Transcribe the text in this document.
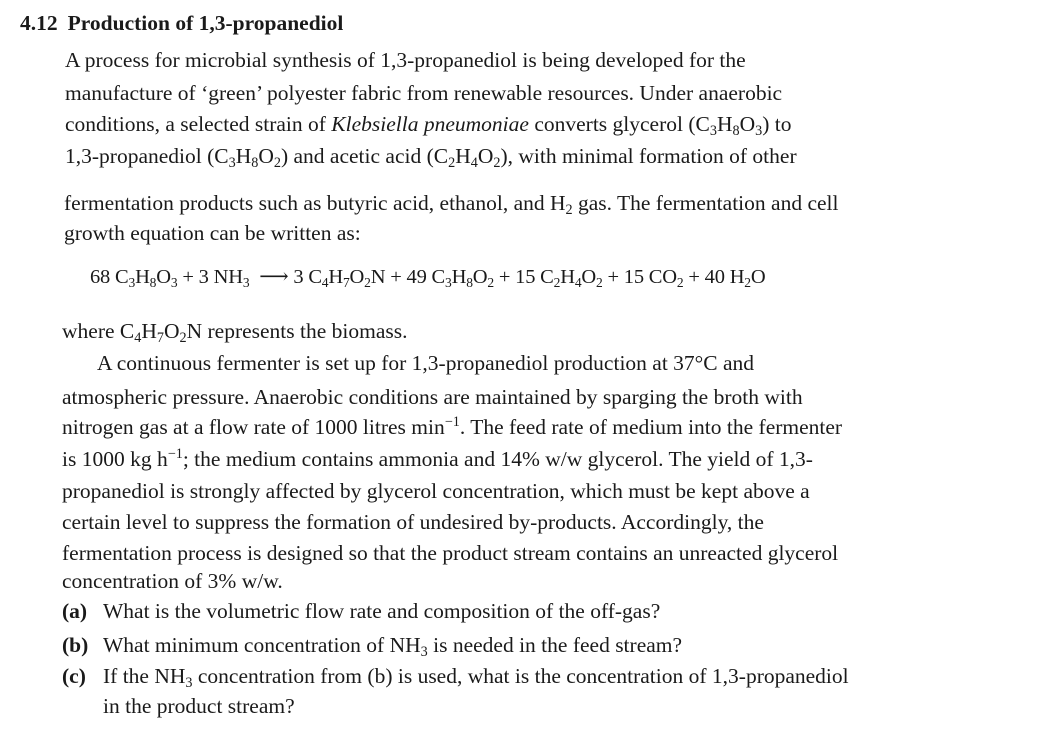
4.12 Production of 1,3-propanediol
A process for microbial synthesis of 1,3-propanediol is being developed for the
manufacture of ‘green’ polyester fabric from renewable resources. Under anaerobic
conditions, a selected strain of Klebsiella pneumoniae converts glycerol $(C_3H_8O_3)$ to
1,3-propanediol $(C_3H_8O_2)$ and acetic acid $(C_2H_4O_2)$, with minimal formation of other
fermentation products such as butyric acid, ethanol, and $H_2$ gas. The fermentation and cell
growth equation can be written as:
68 $C_3H_8O_3 + 3$ $NH_3$  ⟶ 3 $C_4H_7O_2N + 49$ $C_3H_8O_2 + 15$ $C_2H_4O_2 + 15$ $CO_2 + 40$ $H_2O$
where $C_4H_7O_2N$ represents the biomass.
A continuous fermenter is set up for 1,3-propanediol production at 37°C and
atmospheric pressure. Anaerobic conditions are maintained by sparging the broth with
nitrogen gas at a flow rate of 1000 litres $\min^{-1}$. The feed rate of medium into the fermenter
is 1000 kg $h^{-1}$; the medium contains ammonia and 14% w/w glycerol. The yield of 1,3-
propanediol is strongly affected by glycerol concentration, which must be kept above a
certain level to suppress the formation of undesired by-products. Accordingly, the
fermentation process is designed so that the product stream contains an unreacted glycerol
concentration of 3% w/w.
(a) What is the volumetric flow rate and composition of the off-gas?
(b) What minimum concentration of $NH_3$ is needed in the feed stream?
(c) If the $NH_3$ concentration from (b) is used, what is the concentration of 1,3-propanediol
in the product stream?
